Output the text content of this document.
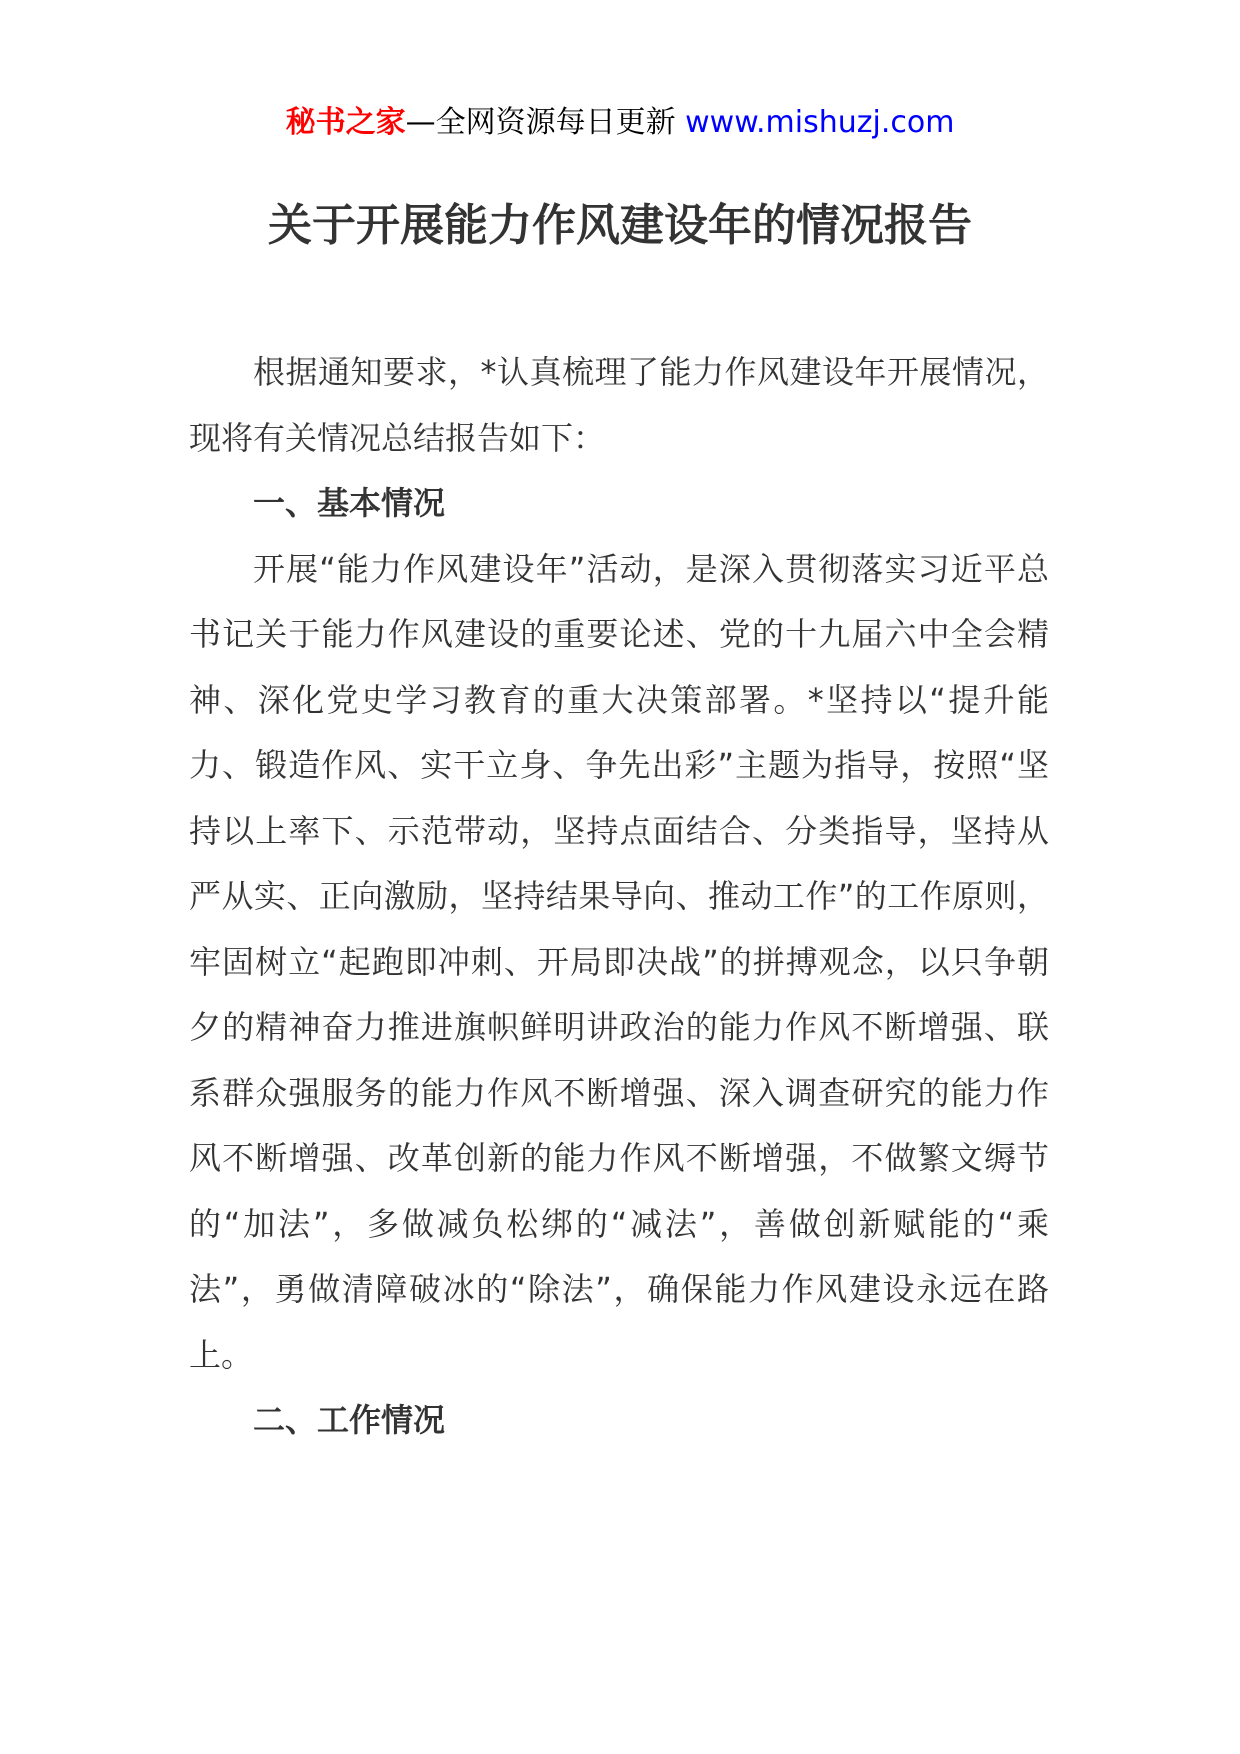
秘书之家—全网资源每日更新 www.mishuzj.com
关于开展能力作风建设年的情况报告

根据通知要求，*认真梳理了能力作风建设年开展情况，现将有关情况总结报告如下：

一、基本情况

开展“能力作风建设年”活动，是深入贯彻落实习近平总书记关于能力作风建设的重要论述、党的十九届六中全会精神、深化党史学习教育的重大决策部署。*坚持以“提升能力、锻造作风、实干立身、争先出彩”主题为指导，按照“坚持以上率下、示范带动，坚持点面结合、分类指导，坚持从严从实、正向激励，坚持结果导向、推动工作”的工作原则，牢固树立“起跑即冲刺、开局即决战”的拼搏观念，以只争朝夕的精神奋力推进旗帜鲜明讲政治的能力作风不断增强、联系群众强服务的能力作风不断增强、深入调查研究的能力作风不断增强、改革创新的能力作风不断增强，不做繁文缛节的“加法”，多做减负松绑的“减法”，善做创新赋能的“乘法”，勇做清障破冰的“除法”，确保能力作风建设永远在路上。

二、工作情况
